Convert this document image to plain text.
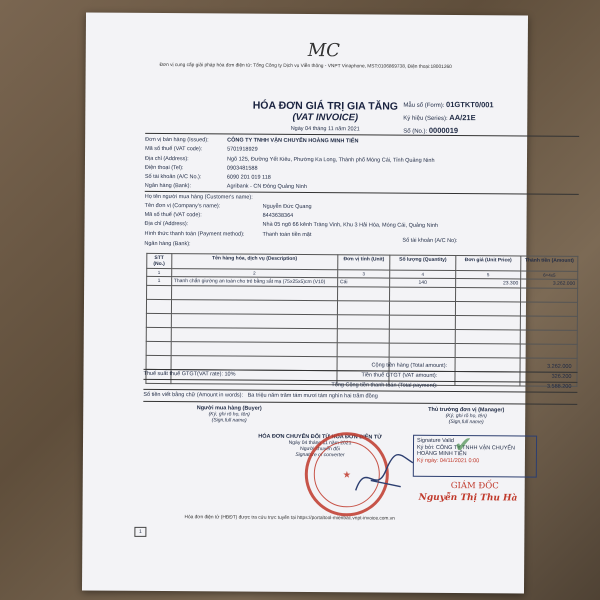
Đơn vị cung cấp giải pháp hóa đơn điện tử: Tổng Công ty Dịch vụ Viễn thông - VNPT Vinaphone, MST:0106869738, Điện thoại:18001260
MC
HÓA ĐƠN GIÁ TRỊ GIA TĂNG
(VAT INVOICE)
Ngày 04 tháng 11 năm 2021
Mẫu số (Form): 01GTKT0/001
Ký hiệu (Series): AA/21E
Số (No.): 0000019
Đơn vị bán hàng (Issued):	CÔNG TY TNHH VẬN CHUYỂN HOÀNG MINH TIẾN
Mã số thuế (VAT code):	5701918929
Địa chỉ (Address):	Ngõ 125, Đường Yết Kiêu, Phường Ka Long, Thành phố Móng Cái, Tỉnh Quảng Ninh
Điện thoại (Tel):	0903481588
Số tài khoản (A/C No.):	6090 201 019 118
Ngân hàng (Bank):	Agribank - CN Đông Quảng Ninh
Họ tên người mua hàng (Customer's name):
Tên đơn vị (Company's name):	Nguyễn Đức Quang
Mã số thuế (VAT code):	8443638364
Địa chỉ (Address):	Nhà 05 ngõ 66 kênh Tràng Vinh, Khu 3 Hải Hòa, Móng Cái, Quảng Ninh
Hình thức thanh toán (Payment method):	Thanh toán tiền mặt
Ngân hàng (Bank):	Số tài khoản (A/C No):
STT (No.)	Tên hàng hóa, dịch vụ (Description)	Đơn vị tính (Unit)	Số lượng (Quantity)	Đơn giá (Unit Price)	Thành tiền (Amount)
1	2	3	4	5	6=4x5
1	Thanh chắn giường an toàn cho trẻ bằng sắt mạ (75x25x5)cm (V10)	Cái	140	23.300	3.262.000

Cộng tiền hàng (Total amount):	3.262.000
Thuế suất thuế GTGT(VAT rate): 10%	Tiền thuế GTGT (VAT amount):	326.200
Tổng Cộng tiền thanh toán (Total payment):	3.588.200
Số tiền viết bằng chữ (Amount in words): Ba triệu năm trăm tám mươi tám nghìn hai trăm đồng
Người mua hàng (Buyer)
(Ký, ghi rõ họ, tên)
(Sign,full name)
Thủ trưởng đơn vị (Manager)
(Ký, ghi rõ họ, tên)
(Sign,full name)
HÓA ĐƠN CHUYỂN ĐỔI TỪ HÓA ĐƠN ĐIỆN TỬ
Ngày 04 tháng 11 năm 2021
Người chuyển đổi
Signature of converter
★
✔
Signature Valid
Ký bởi: CÔNG TY TNHH VẬN CHUYỂN HOÀNG MINH TIẾN
Ký ngày: 04/11/2021 0:00
GIÁM ĐỐC
Nguyễn Thị Thu Hà
Hóa đơn điện tử (HĐĐT) được tra cứu trực tuyến tại https://portaltool-mienbac.vnpt-invoice.com.vn
1
